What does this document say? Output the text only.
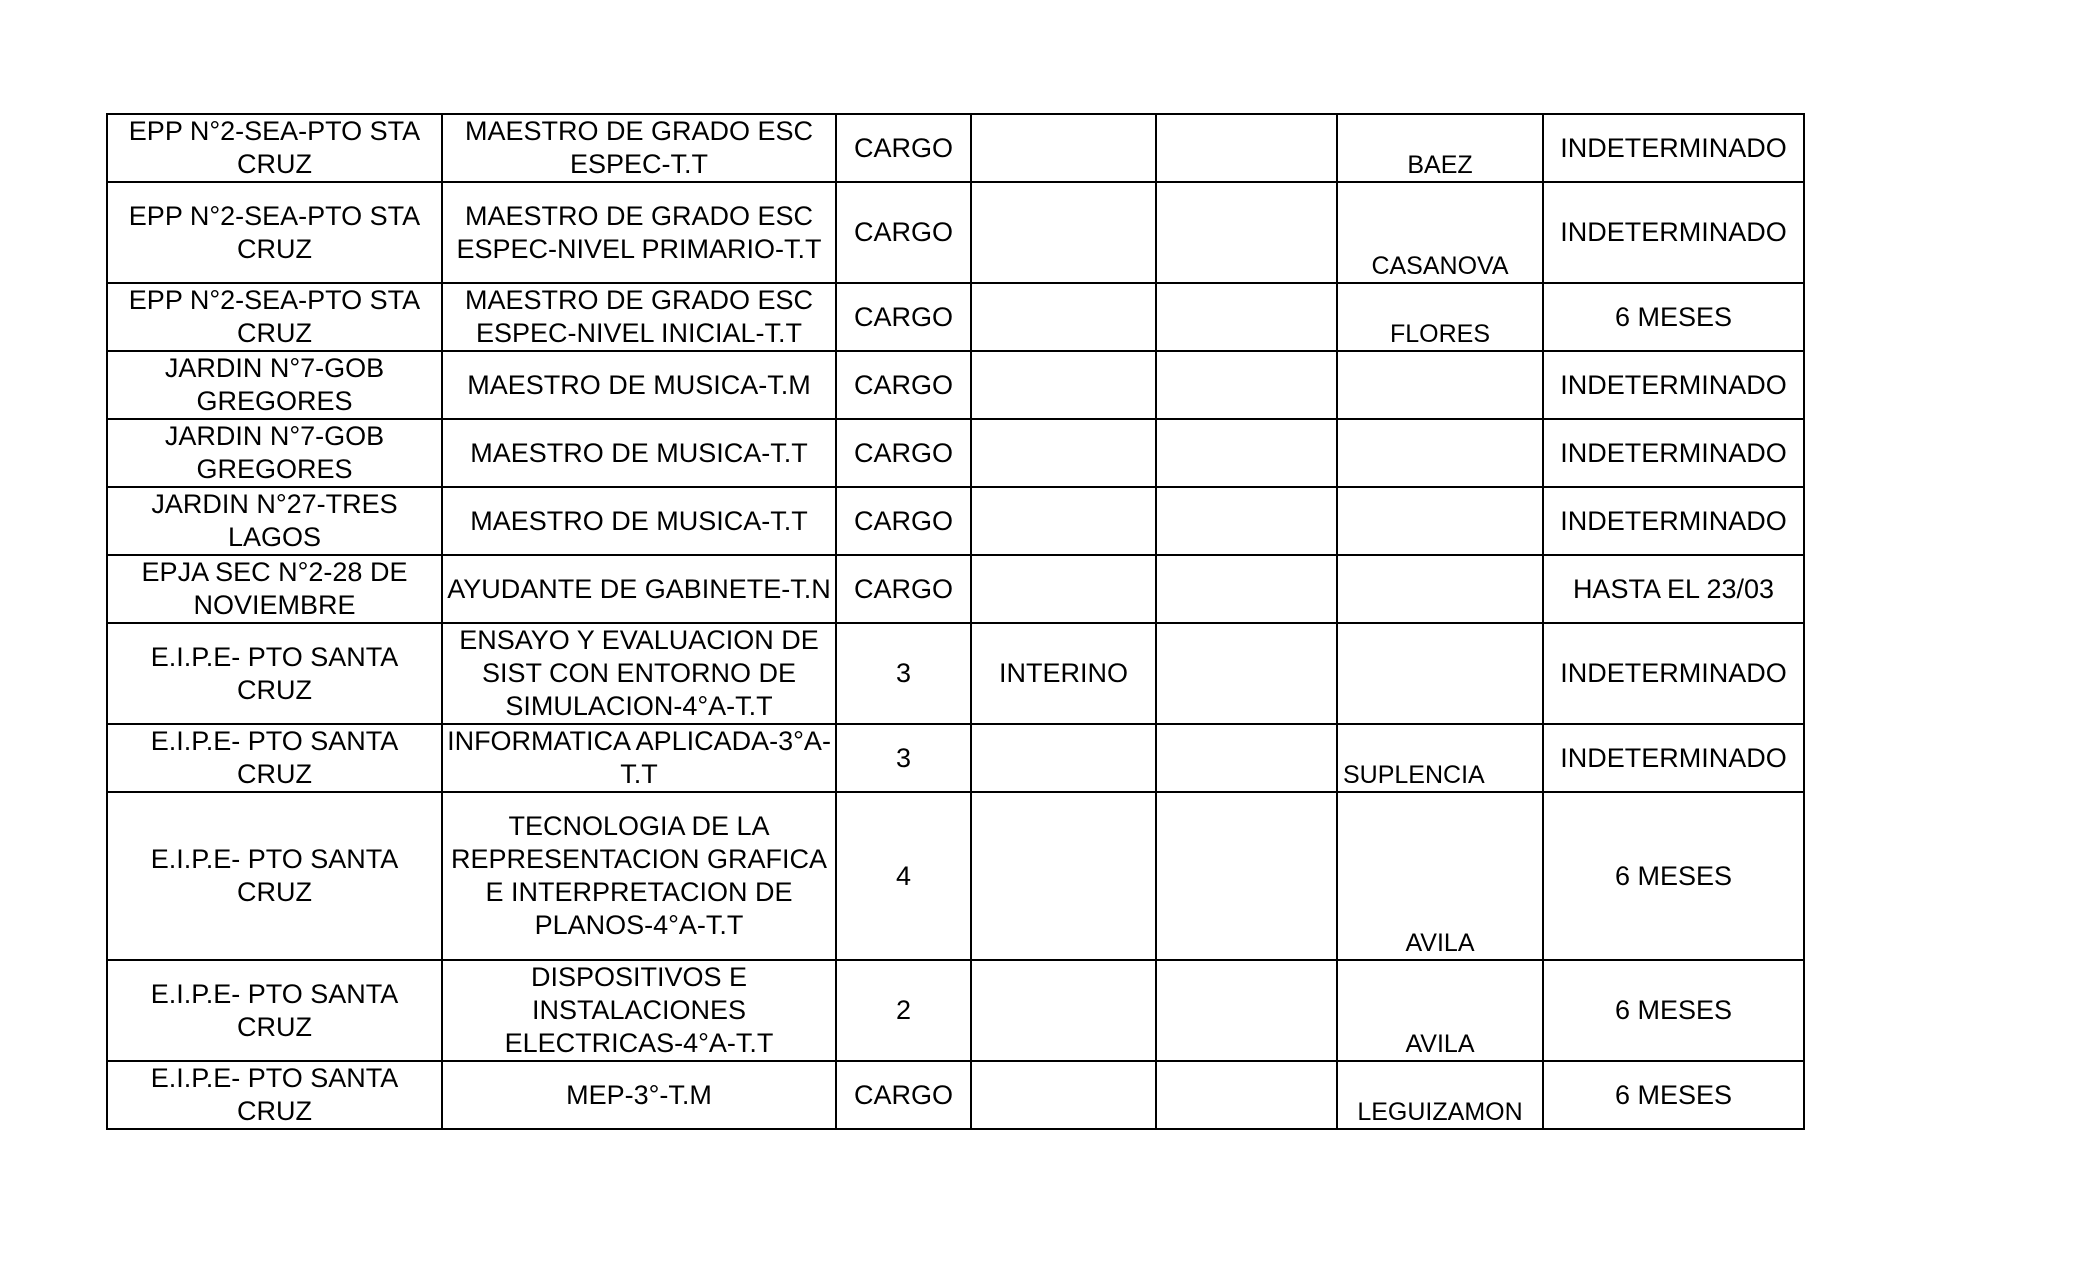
EPP N°2-SEA-PTO STA CRUZ	MAESTRO DE GRADO ESC ESPEC-T.T	CARGO			BAEZ	INDETERMINADO
EPP N°2-SEA-PTO STA CRUZ	MAESTRO DE GRADO ESC ESPEC-NIVEL PRIMARIO-T.T	CARGO			CASANOVA	INDETERMINADO
EPP N°2-SEA-PTO STA CRUZ	MAESTRO DE GRADO ESC ESPEC-NIVEL INICIAL-T.T	CARGO			FLORES	6 MESES
JARDIN N°7-GOB GREGORES	MAESTRO DE MUSICA-T.M	CARGO				INDETERMINADO
JARDIN N°7-GOB GREGORES	MAESTRO DE MUSICA-T.T	CARGO				INDETERMINADO
JARDIN N°27-TRES LAGOS	MAESTRO DE MUSICA-T.T	CARGO				INDETERMINADO
EPJA SEC N°2-28 DE NOVIEMBRE	AYUDANTE DE GABINETE-T.N	CARGO				HASTA EL 23/03
E.I.P.E- PTO SANTA CRUZ	ENSAYO Y EVALUACION DE SIST CON ENTORNO DE SIMULACION-4°A-T.T	3	INTERINO			INDETERMINADO
E.I.P.E- PTO SANTA CRUZ	INFORMATICA APLICADA-3°A-T.T	3			SUPLENCIA	INDETERMINADO
E.I.P.E- PTO SANTA CRUZ	TECNOLOGIA DE LA REPRESENTACION GRAFICA E INTERPRETACION DE PLANOS-4°A-T.T	4			AVILA	6 MESES
E.I.P.E- PTO SANTA CRUZ	DISPOSITIVOS E INSTALACIONES ELECTRICAS-4°A-T.T	2			AVILA	6 MESES
E.I.P.E- PTO SANTA CRUZ	MEP-3°-T.M	CARGO			LEGUIZAMON	6 MESES
